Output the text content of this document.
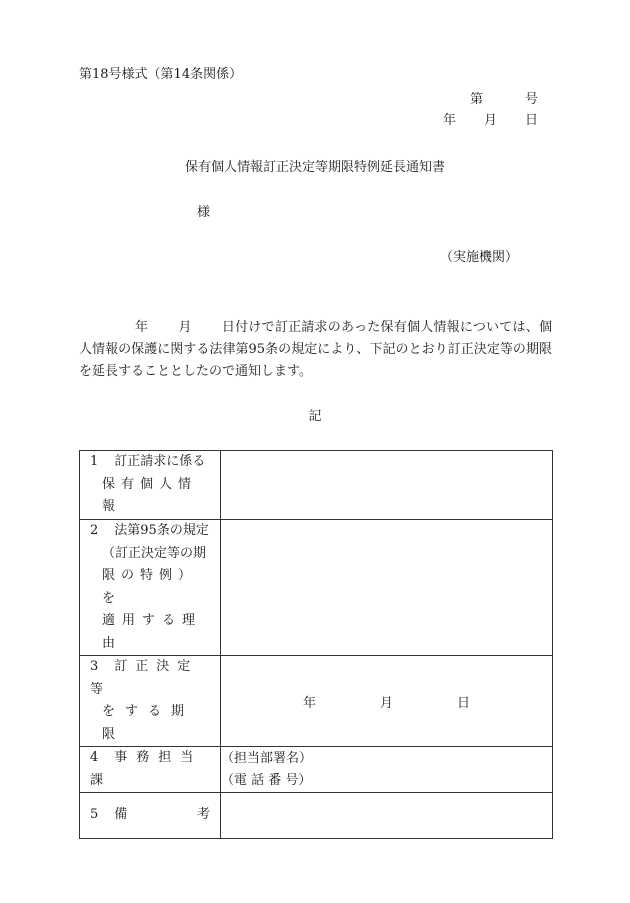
第18号様式（第14条関係）
第	号
年 月 日
保有個人情報訂正決定等期限特例延長通知書
様
（実施機関）

年 月 日付けで訂正請求のあった保有個人情報については、個人情報の保護に関する法律第95条の規定により、下記のとおり訂正決定等の期限を延長することとしたので通知します。

記
1 訂正請求に係る
保有個人情報	

2 法第95条の規定
（訂正決定等の期
限の特例）を
適用する理由	

3 訂正決定等
をする期限	年 月 日

4 事務担当課	（担当部署名）
（電 話 番 号）

5 備 考	
